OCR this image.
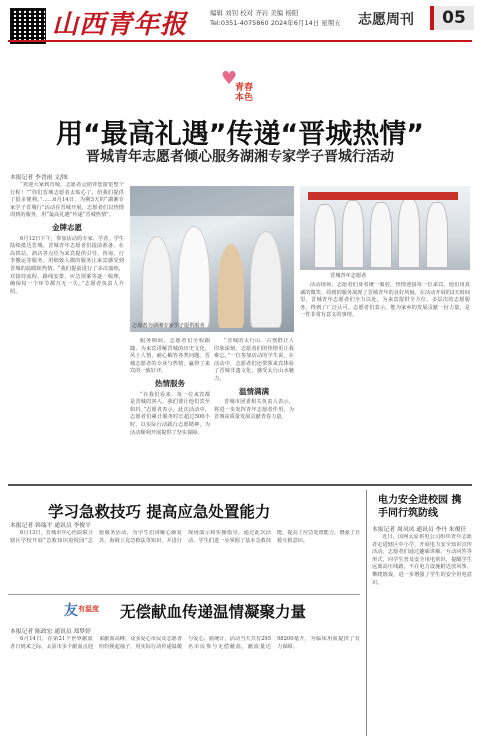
山西青年报	编辑 刘钊 校对 齐岩 美编 杨阳
Tel:0351-4075860 2024年6月14日 星期五 志愿周刊	05
♥
青春
本色
用“最高礼遇”传递“晋城热情”
晋城青年志愿者倾心服务湖湘专家学子晋城行活动
本报记者 李晋雨 文/图

“欢迎大家到晋城，志愿者会陪伴您游览整个行程！”“你们晋城志愿者太贴心了，给我们提供了很多便利。”……6月14日，为期3天的“湖湘专家学子晋城行”活动在晋城开展，志愿者们以热情周到的服务，用“最高礼遇”传递“晋城热情”。

金牌志愿

6月12日下午，参加活动的专家、学者、学生陆续抵达晋城。晋城青年志愿者们提前准备，在高铁站、酒店等点位为来宾提供引导、咨询、行李搬运等服务，用细致入微的服务让来宾感受到晋城的温暖和热情。“我们提前进行了多次演练，对接待流程、路线安排、应急预案等逐一梳理，确保每一个环节都万无一失。”志愿者负责人介绍。

志愿者为湖湘专家学子提供服务
晋城青年志愿者

服务期间，志愿者们全程跟随，为来宾讲解晋城的历史文化、风土人情，耐心解答各类问题。晋城志愿者的专业与热情，赢得了来宾的一致好评。

热情服务

“在我们看来，每一位来宾都是晋城的客人，我们要让他们宾至如归。”志愿者表示，此次活动中，志愿者们累计服务时长超过500小时，以实际行动践行志愿精神，为活动顺利开展提供了坚实保障。

“晋城的太行山、古堡群让人印象深刻，志愿者们的热情更让我难忘。”一位参加活动的学生说。在活动中，志愿者们还带领来宾体验了晋城非遗文化，感受太行山水魅力。

温情满满

晋城市团委相关负责人表示，将进一步发挥青年志愿者作用，为晋城高质量发展贡献青春力量。

活动现场，志愿者们身着统一服装，热情迎接每一位来宾。他们用真诚的微笑、周到的服务展现了晋城青年的良好风貌。在活动开展的3天时间里，晋城青年志愿者们全力以赴，为来宾提供全方位、多层次的志愿服务，得到了广泛认可。志愿者们表示，能为家乡的发展贡献一份力量，是一件非常有意义的事情。

学习急救技巧 提高应急处置能力
本报记者 韩瑞平 通讯员 李俊平

6月13日，晋城市中心医院联合辖区学校开展“急救知识进校园”志愿服务活动，为学生们讲解心肺复苏、海姆立克急救法等知识，并进行现场演示和实操指导。通过此次活动，学生们进一步掌握了基本急救技能，提高了应急处置能力，增强了自救互救意识。

电力安全进校园 携手同行筑防线
本报记者 周凤凤 通讯员 李丹 朱俊任

近日，国网太原供电公司组织青年志愿者走进辖区中小学，开展电力安全知识宣传活动。志愿者们通过趣味讲解、互动问答等形式，向学生普及安全用电常识，提醒学生远离高压线路，不在电力设施附近放风筝、攀爬嬉戏，进一步增强了学生的安全用电意识。

友 有温度 无偿献血传递温情凝聚力量
本报记者 陈政宏 通讯员 郑梦婷

6月14日，在第21个世界献血者日到来之际，太原市多个献血点迎来献血高峰，众多爱心市民及志愿者纷纷挽起袖子，用实际行动传递温暖与爱心。据统计，活动当天共有295名市民参与无偿献血，献血量达98200毫升，为临床用血提供了有力保障。
